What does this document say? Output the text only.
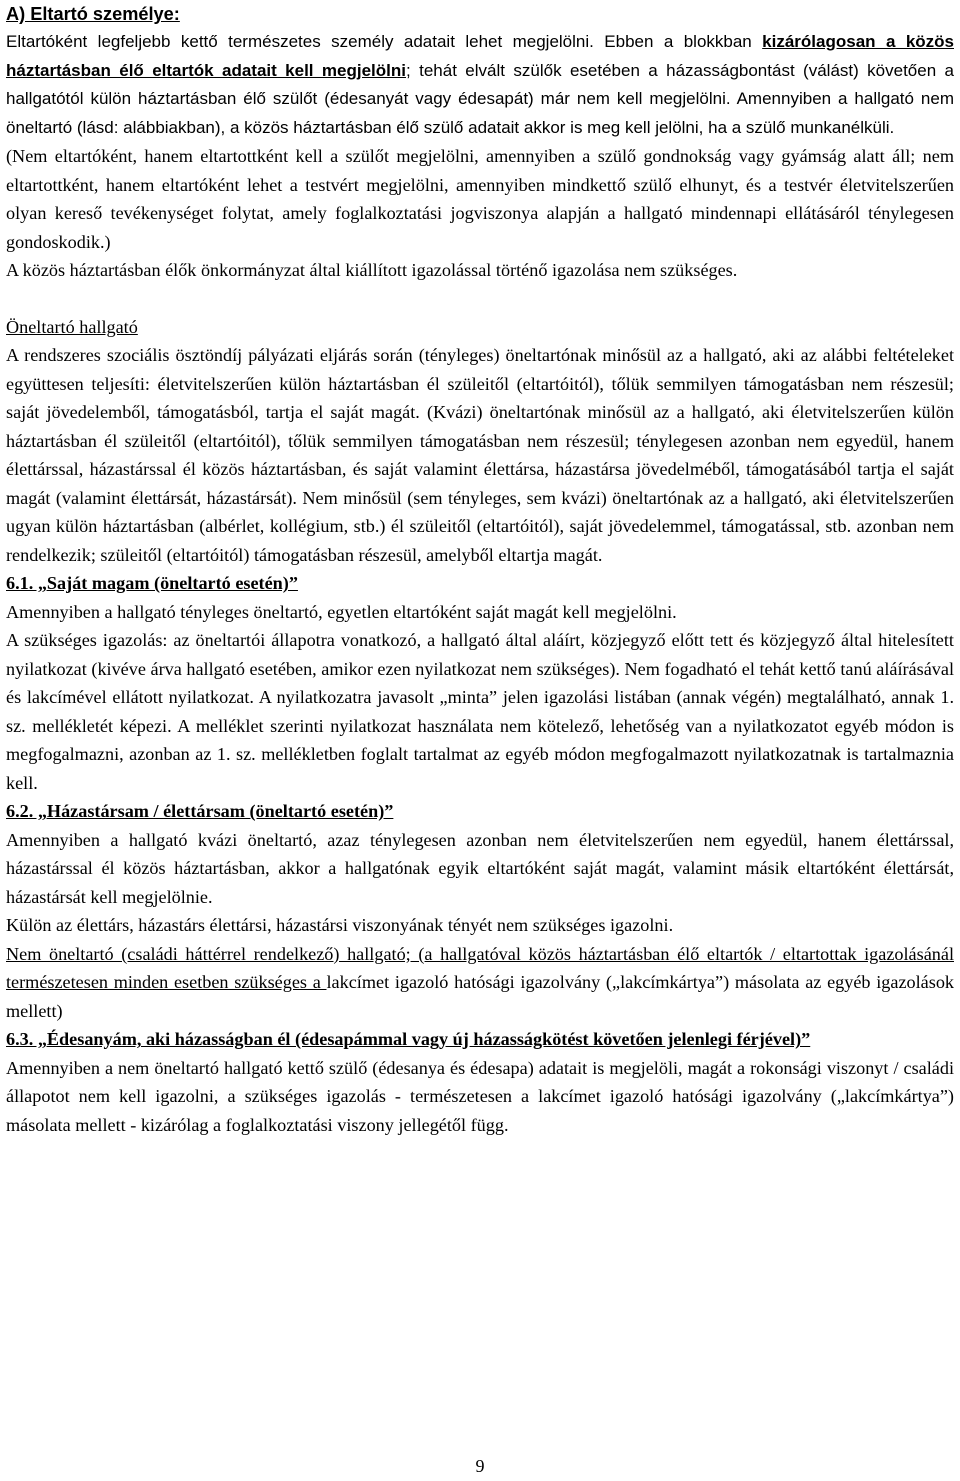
A) Eltartó személye:

Eltartóként legfeljebb kettő természetes személy adatait lehet megjelölni. Ebben a blokkban kizárólagosan a közös háztartásban élő eltartók adatait kell megjelölni; tehát elvált szülők esetében a házasságbontást (válást) követően a hallgatótól külön háztartásban élő szülőt (édesanyát vagy édesapát) már nem kell megjelölni. Amennyiben a hallgató nem öneltartó (lásd: alábbiakban), a közös háztartásban élő szülő adatait akkor is meg kell jelölni, ha a szülő munkanélküli.

(Nem eltartóként, hanem eltartottként kell a szülőt megjelölni, amennyiben a szülő gondnokság vagy gyámság alatt áll; nem eltartottként, hanem eltartóként lehet a testvért megjelölni, amennyiben mindkettő szülő elhunyt, és a testvér életvitelszerűen olyan kereső tevékenységet folytat, amely foglalkoztatási jogviszonya alapján a hallgató mindennapi ellátásáról ténylegesen gondoskodik.)

A közös háztartásban élők önkormányzat által kiállított igazolással történő igazolása nem szükséges.

Öneltartó hallgató

A rendszeres szociális ösztöndíj pályázati eljárás során (tényleges) öneltartónak minősül az a hallgató, aki az alábbi feltételeket együttesen teljesíti: életvitelszerűen külön háztartásban él szüleitől (eltartóitól), tőlük semmilyen támogatásban nem részesül; saját jövedelemből, támogatásból, tartja el saját magát. (Kvázi) öneltartónak minősül az a hallgató, aki életvitelszerűen külön háztartásban él szüleitől (eltartóitól), tőlük semmilyen támogatásban nem részesül; ténylegesen azonban nem egyedül, hanem élettárssal, házastárssal él közös háztartásban, és saját valamint élettársa, házastársa jövedelméből, támogatásából tartja el saját magát (valamint élettársát, házastársát). Nem minősül (sem tényleges, sem kvázi) öneltartónak az a hallgató, aki életvitelszerűen ugyan külön háztartásban (albérlet, kollégium, stb.) él szüleitől (eltartóitól), saját jövedelemmel, támogatással, stb. azonban nem rendelkezik; szüleitől (eltartóitól) támogatásban részesül, amelyből eltartja magát.

6.1. „Saját magam (öneltartó esetén)”

Amennyiben a hallgató tényleges öneltartó, egyetlen eltartóként saját magát kell megjelölni.

A szükséges igazolás: az öneltartói állapotra vonatkozó, a hallgató által aláírt, közjegyző előtt tett és közjegyző által hitelesített nyilatkozat (kivéve árva hallgató esetében, amikor ezen nyilatkozat nem szükséges). Nem fogadható el tehát kettő tanú aláírásával és lakcímével ellátott nyilatkozat. A nyilatkozatra javasolt „minta” jelen igazolási listában (annak végén) megtalálható, annak 1. sz. mellékletét képezi. A melléklet szerinti nyilatkozat használata nem kötelező, lehetőség van a nyilatkozatot egyéb módon is megfogalmazni, azonban az 1. sz. mellékletben foglalt tartalmat az egyéb módon megfogalmazott nyilatkozatnak is tartalmaznia kell.

6.2. „Házastársam / élettársam (öneltartó esetén)”

Amennyiben a hallgató kvázi öneltartó, azaz ténylegesen azonban nem életvitelszerűen nem egyedül, hanem élettárssal, házastárssal él közös háztartásban, akkor a hallgatónak egyik eltartóként saját magát, valamint másik eltartóként élettársát, házastársát kell megjelölnie.

Külön az élettárs, házastárs élettársi, házastársi viszonyának tényét nem szükséges igazolni.

Nem öneltartó (családi háttérrel rendelkező) hallgató; (a hallgatóval közös háztartásban élő eltartók / eltartottak igazolásánál természetesen minden esetben szükséges a lakcímet igazoló hatósági igazolvány („lakcímkártya”) másolata az egyéb igazolások mellett)

6.3. „Édesanyám, aki házasságban él (édesapámmal vagy új házasságkötést követően jelenlegi férjével)”

Amennyiben a nem öneltartó hallgató kettő szülő (édesanya és édesapa) adatait is megjelöli, magát a rokonsági viszonyt / családi állapotot nem kell igazolni, a szükséges igazolás - természetesen a lakcímet igazoló hatósági igazolvány („lakcímkártya”) másolata mellett - kizárólag a foglalkoztatási viszony jellegétől függ.

9
